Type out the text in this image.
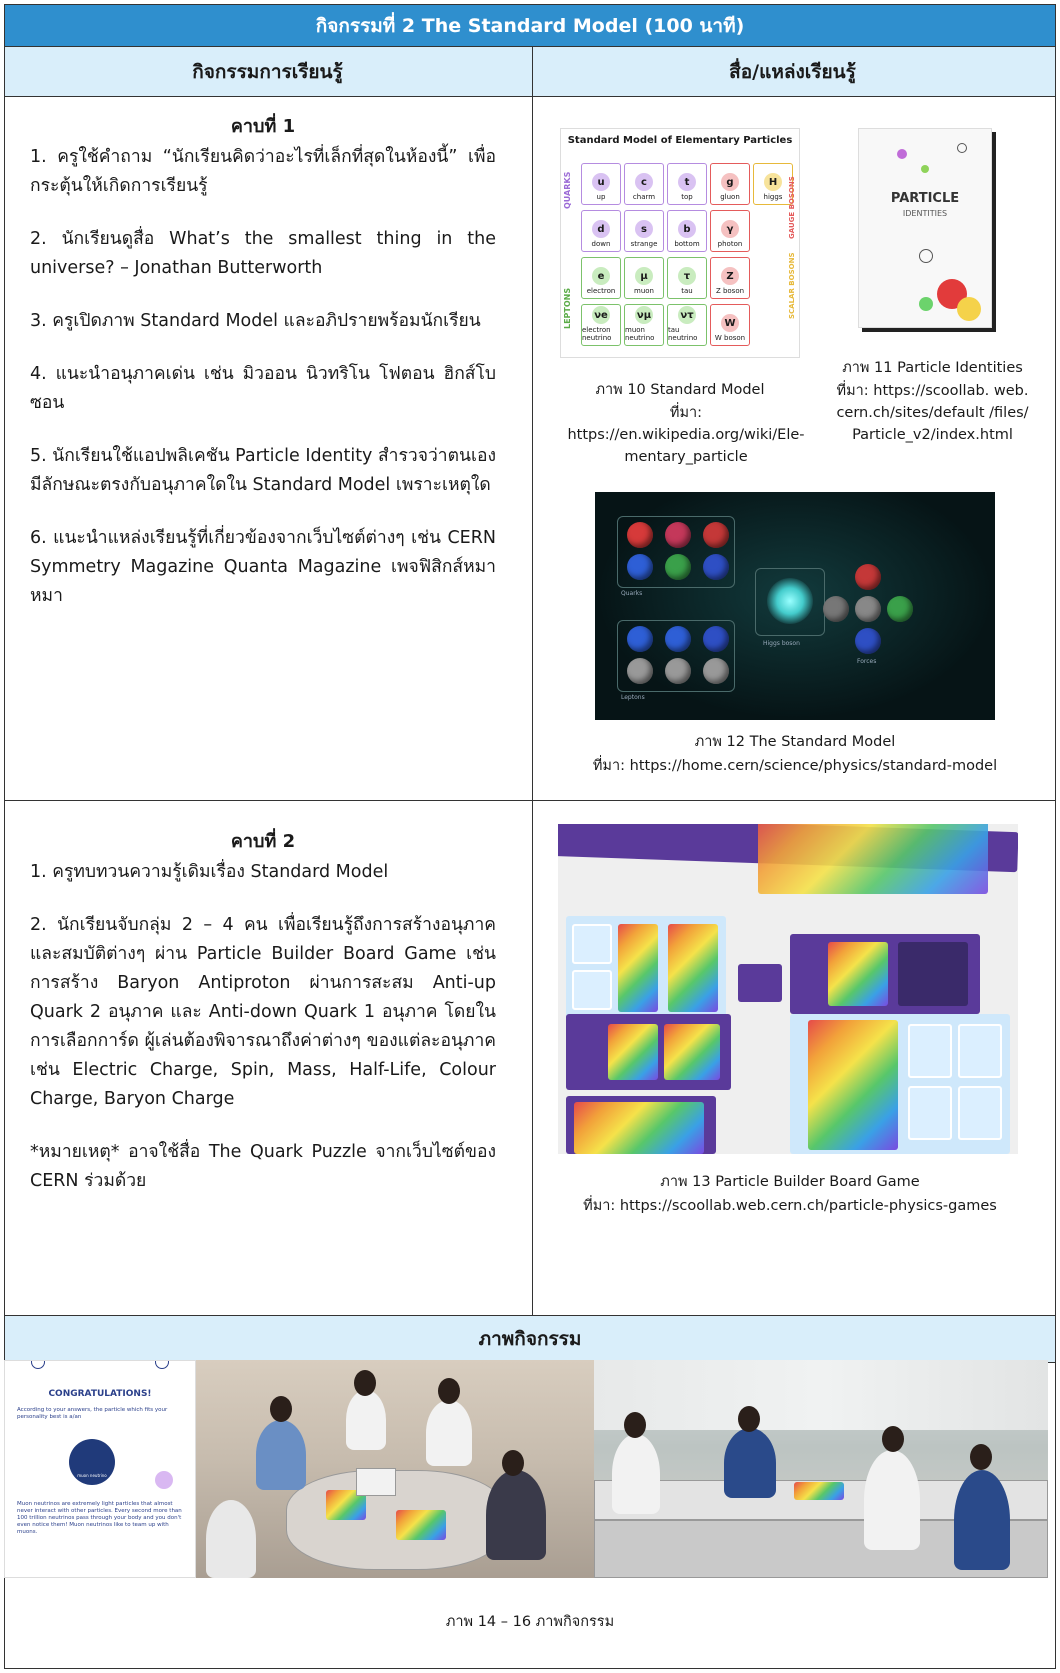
กิจกรรมที่ 2 The Standard Model (100 นาที)
กิจกรรมการเรียนรู้	สื่อ/แหล่งเรียนรู้
ภาพกิจกรรม
คาบที่ 1

1. ครูใช้คำถาม “นักเรียนคิดว่าอะไรที่เล็กที่สุดในห้องนี้” เพื่อกระตุ้นให้เกิดการเรียนรู้

2. นักเรียนดูสื่อ What’s the smallest thing in the universe? – Jonathan Butterworth

3. ครูเปิดภาพ Standard Model และอภิปรายพร้อมนักเรียน

4. แนะนำอนุภาคเด่น เช่น มิวออน นิวทริโน โฟตอน ฮิกส์โบซอน

5. นักเรียนใช้แอปพลิเคชัน Particle Identity สำรวจว่าตนเองมีลักษณะตรงกับอนุภาคใดใน Standard Model เพราะเหตุใด

6. แนะนำแหล่งเรียนรู้ที่เกี่ยวข้องจากเว็บไซต์ต่างๆ เช่น CERN Symmetry Magazine Quanta Magazine เพจฟิสิกส์หมาหมา

คาบที่ 2

1. ครูทบทวนความรู้เดิมเรื่อง Standard Model

2. นักเรียนจับกลุ่ม 2 – 4 คน เพื่อเรียนรู้ถึงการสร้างอนุภาค และสมบัติต่างๆ ผ่าน Particle Builder Board Game เช่น การสร้าง Baryon Antiproton ผ่านการสะสม Anti-up Quark 2 อนุภาค และ Anti-down Quark 1 อนุภาค โดยในการเลือกการ์ด ผู้เล่นต้องพิจารณาถึงค่าต่างๆ ของแต่ละอนุภาค เช่น Electric Charge, Spin, Mass, Half-Life, Colour Charge, Baryon Charge

*หมายเหตุ* อาจใช้สื่อ The Quark Puzzle จากเว็บไซต์ของ CERN ร่วมด้วย

Standard Model of Elementary Particles
u
up
c
charm
t
top
g
gluon
H
higgs
d
down
s
strange
b
bottom
γ
photon
e
electron
μ
muon
τ
tau
Z
Z boson
νe
electron neutrino
νμ
muon neutrino
ντ
tau neutrino
W
W boson
QUARKS
LEPTONS
GAUGE BOSONS
SCALAR BOSONS
ภาพ 10 Standard Model
ที่มา: https://en.wikipedia.org/wiki/Ele-mentary_particle
PARTICLE
IDENTITIES
ภาพ 11 Particle Identities
ที่มา: https://scoollab. web. cern.ch/sites/default /files/ Particle_v2/index.html
Quarks
Higgs boson
Leptons
Forces
ภาพ 12 The Standard Model
ที่มา: https://home.cern/science/physics/standard-model
ภาพ 13 Particle Builder Board Game
ที่มา: https://scoollab.web.cern.ch/particle-physics-games
CONGRATULATIONS!
According to your answers, the particle which fits your personality best is a/an
muon neutrino
Muon neutrinos are extremely light particles that almost never interact with other particles. Every second more than 100 trillion neutrinos pass through your body and you don't even notice them! Muon neutrinos like to team up with muons.
ภาพ 14 – 16 ภาพกิจกรรม
